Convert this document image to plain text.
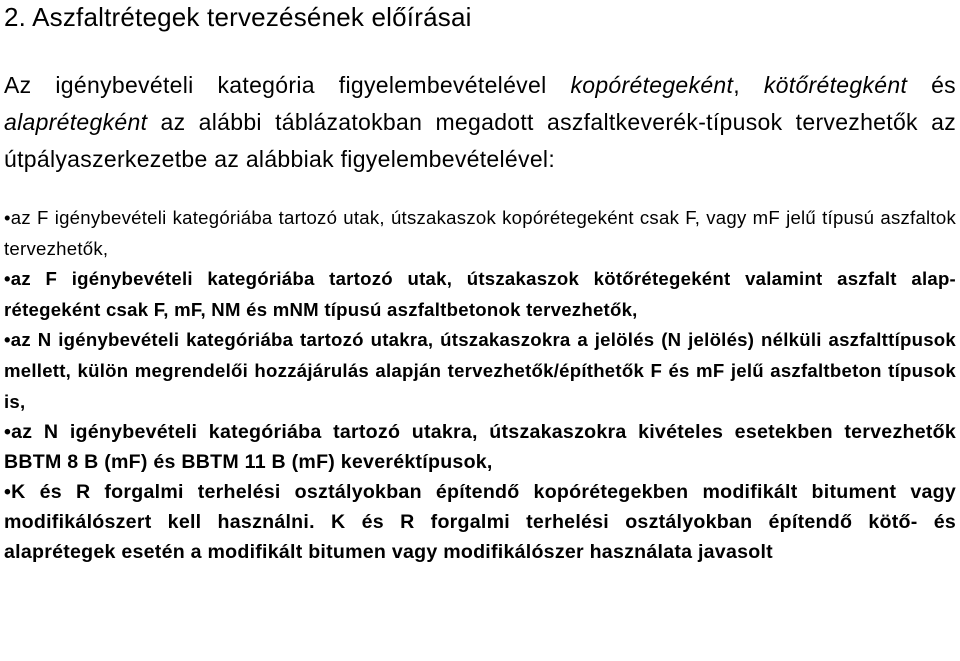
2. Aszfaltrétegek tervezésének előírásai

Az igénybevételi kategória figyelembevételével kopórétegeként, kötőrétegként és alaprétegként az alábbi táblázatokban megadott aszfaltkeverék-típusok tervezhetők az útpályaszerkezetbe az alábbiak figyelembevételével:

•az F igénybevételi kategóriába tartozó utak, útszakaszok kopórétegeként csak F, vagy mF jelű típusú aszfaltok tervezhetők,
•az F igénybevételi kategóriába tartozó utak, útszakaszok kötőrétegeként valamint aszfalt alap-rétegeként csak F, mF, NM és mNM típusú aszfaltbetonok tervezhetők,
•az N igénybevételi kategóriába tartozó utakra, útszakaszokra a jelölés (N jelölés) nélküli aszfalttípusok mellett, külön megrendelői hozzájárulás alapján tervezhetők/építhetők F és mF jelű aszfaltbeton típusok is,
•az N igénybevételi kategóriába tartozó utakra, útszakaszokra kivételes esetekben tervezhetők BBTM 8 B (mF) és BBTM 11 B (mF) keveréktípusok,
•K és R forgalmi terhelési osztályokban építendő kopórétegekben modifikált bitument vagy modifikálószert kell használni. K és R forgalmi terhelési osztályokban építendő kötő- és alaprétegek esetén a modifikált bitumen vagy modifikálószer használata javasolt
